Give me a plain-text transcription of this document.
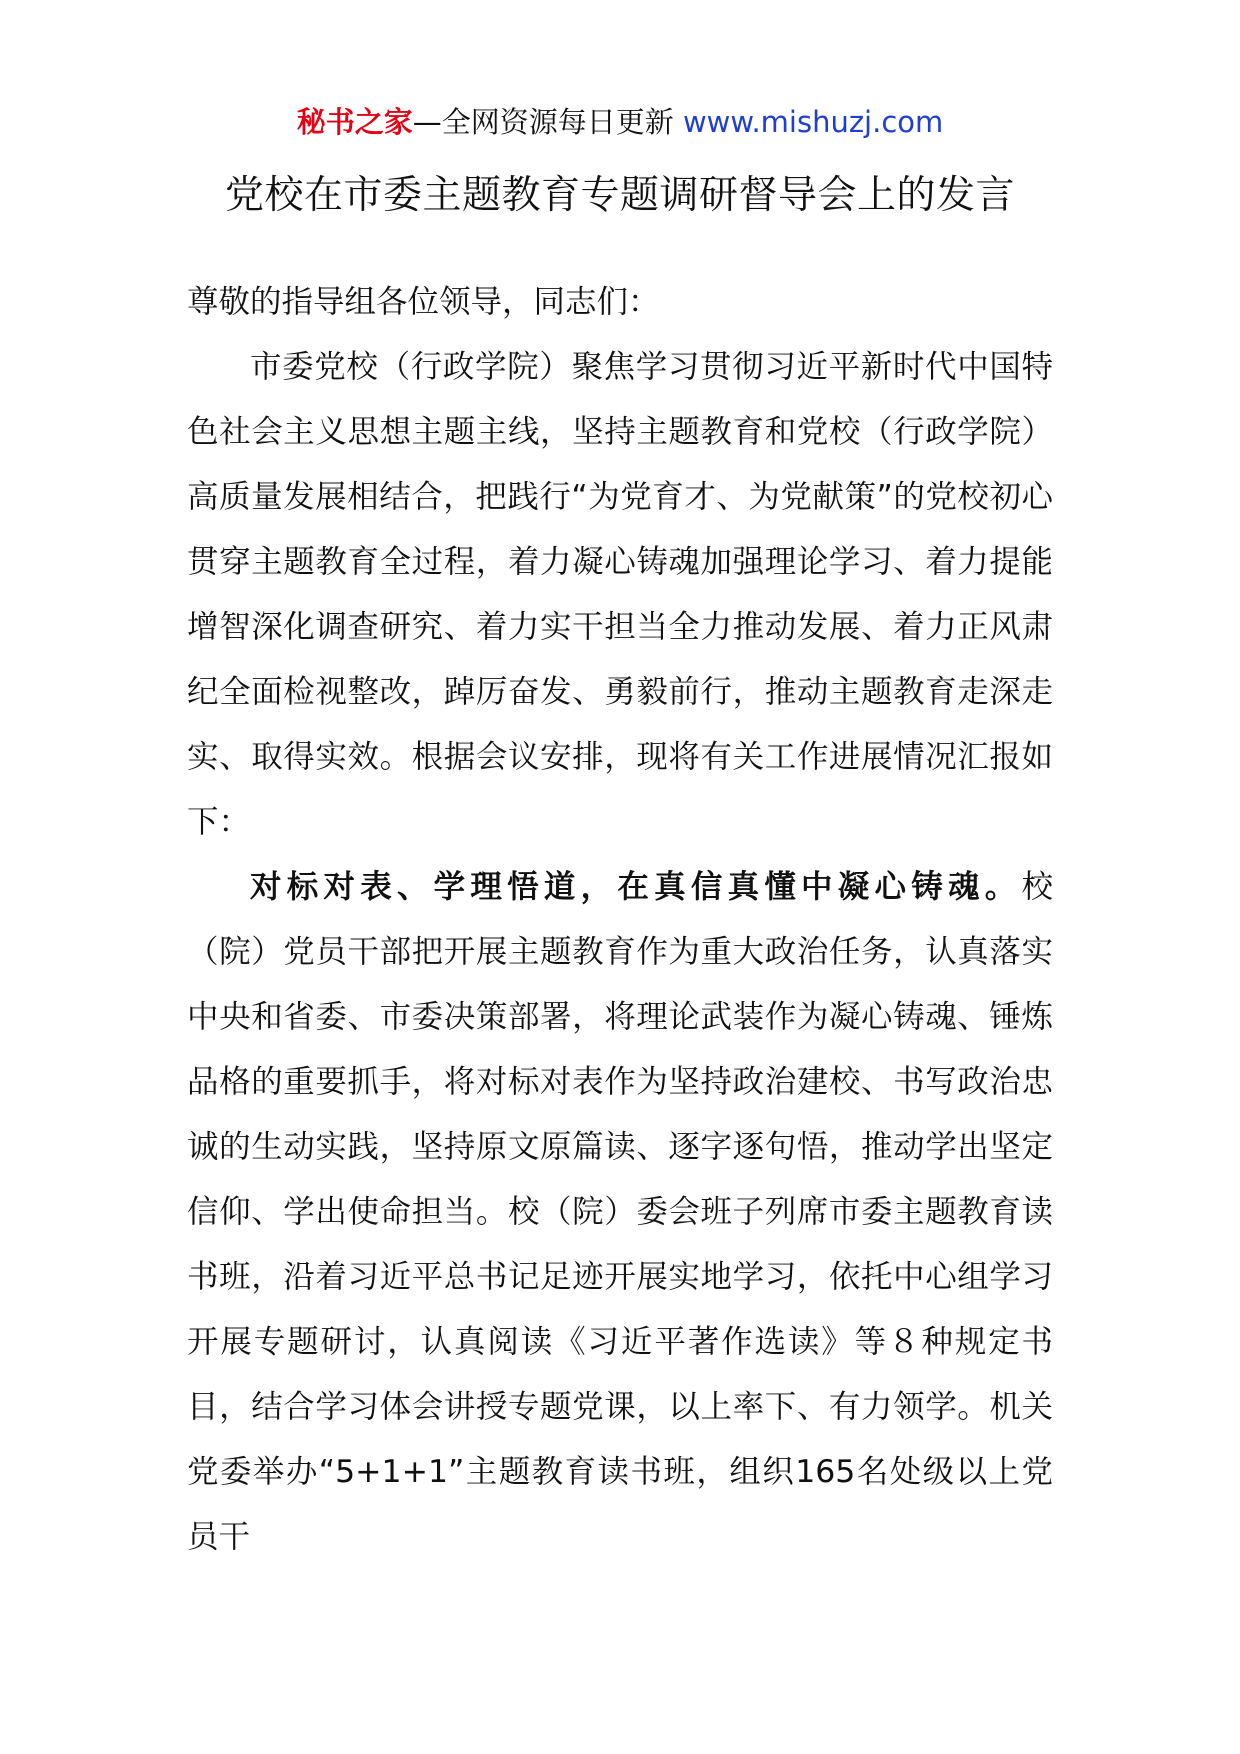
秘书之家—全网资源每日更新 www.mishuzj.com
党校在市委主题教育专题调研督导会上的发言

尊敬的指导组各位领导，同志们：

市委党校（行政学院）聚焦学习贯彻习近平新时代中国特色社会主义思想主题主线，坚持主题教育和党校（行政学院）高质量发展相结合，把践行“为党育才、为党献策”的党校初心贯穿主题教育全过程，着力凝心铸魂加强理论学习、着力提能增智深化调查研究、着力实干担当全力推动发展、着力正风肃纪全面检视整改，踔厉奋发、勇毅前行，推动主题教育走深走实、取得实效。根据会议安排，现将有关工作进展情况汇报如下：

对标对表、学理悟道，在真信真懂中凝心铸魂。校（院）党员干部把开展主题教育作为重大政治任务，认真落实中央和省委、市委决策部署，将理论武装作为凝心铸魂、锤炼品格的重要抓手，将对标对表作为坚持政治建校、书写政治忠诚的生动实践，坚持原文原篇读、逐字逐句悟，推动学出坚定信仰、学出使命担当。校（院）委会班子列席市委主题教育读书班，沿着习近平总书记足迹开展实地学习，依托中心组学习开展专题研讨，认真阅读《习近平著作选读》等８种规定书目，结合学习体会讲授专题党课，以上率下、有力领学。机关党委举办“5+1+1”主题教育读书班，组织165名处级以上党员干
